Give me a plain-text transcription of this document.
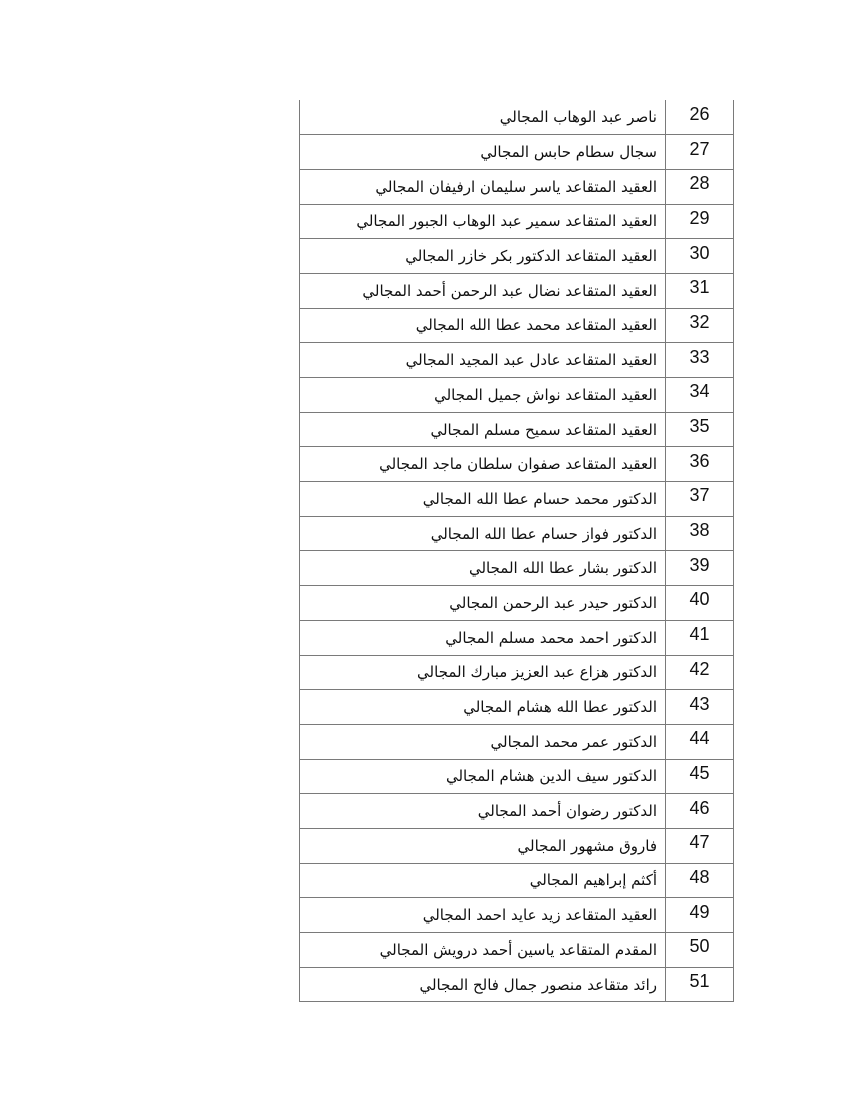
ناصر عبد الوهاب المجالي	26
سجال سطام حابس المجالي	27
العقيد المتقاعد ياسر سليمان ارفيفان المجالي	28
العقيد المتقاعد سمير عبد الوهاب الجبور المجالي	29
العقيد المتقاعد الدكتور بكر خازر المجالي	30
العقيد المتقاعد نضال عبد الرحمن أحمد المجالي	31
العقيد المتقاعد محمد عطا الله المجالي	32
العقيد المتقاعد عادل عبد المجيد المجالي	33
العقيد المتقاعد نواش جميل المجالي	34
العقيد المتقاعد سميح مسلم المجالي	35
العقيد المتقاعد صفوان سلطان ماجد المجالي	36
الدكتور محمد حسام عطا الله المجالي	37
الدكتور فواز حسام عطا الله المجالي	38
الدكتور بشار عطا الله المجالي	39
الدكتور حيدر عبد الرحمن المجالي	40
الدكتور احمد محمد مسلم المجالي	41
الدكتور هزاع عبد العزيز مبارك المجالي	42
الدكتور عطا الله هشام المجالي	43
الدكتور عمر محمد المجالي	44
الدكتور سيف الدين هشام المجالي	45
الدكتور رضوان أحمد المجالي	46
فاروق مشهور المجالي	47
أكثم إبراهيم المجالي	48
العقيد المتقاعد زيد عايد احمد المجالي	49
المقدم المتقاعد ياسين أحمد درويش المجالي	50
رائد متقاعد منصور جمال فالح المجالي	51
